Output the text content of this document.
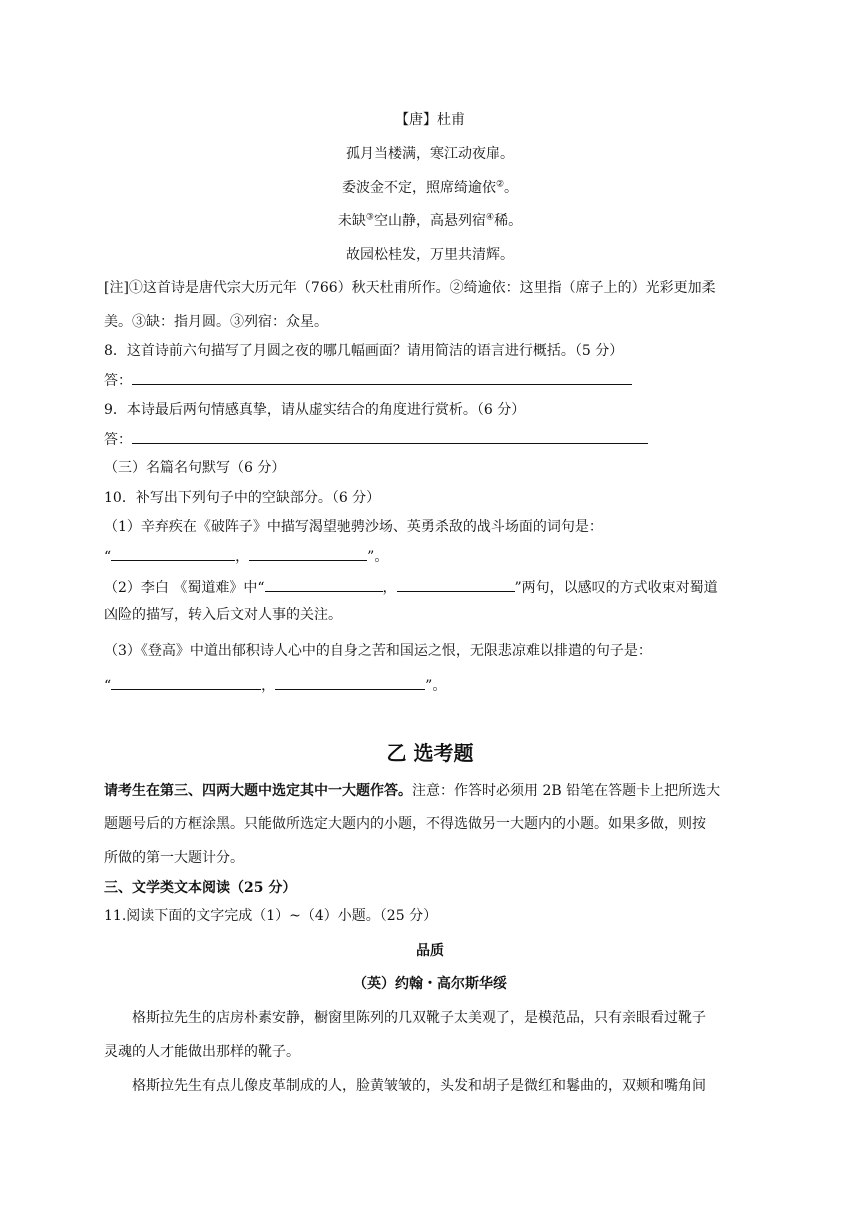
【唐】杜甫
孤月当楼满，寒江动夜扉。
委波金不定，照席绮逾依②。
未缺③空山静，高悬列宿④稀。
故园松桂发，万里共清辉。
[注]①这首诗是唐代宗大历元年（766）秋天杜甫所作。②绮逾依：这里指（席子上的）光彩更加柔
美。③缺：指月圆。③列宿：众星。
8．这首诗前六句描写了月圆之夜的哪几幅画面？请用简洁的语言进行概括。（5 分）
答：
9．本诗最后两句情感真挚，请从虚实结合的角度进行赏析。（6 分）
答：
（三）名篇名句默写（6 分）
10．补写出下列句子中的空缺部分。（6 分）
（1）辛弃疾在《破阵子》中描写渴望驰骋沙场、英勇杀敌的战斗场面的词句是：
“	，	”。
（2）李白 《蜀道难》中“	，	”两句，以感叹的方式收束对蜀道
凶险的描写，转入后文对人事的关注。
（3）《登高》中道出郁积诗人心中的自身之苦和国运之恨，无限悲凉难以排遣的句子是：
“	，	”。
乙 选考题
请考生在第三、四两大题中选定其中一大题作答。注意：作答时必须用 2B 铅笔在答题卡上把所选大
题题号后的方框涂黑。只能做所选定大题内的小题，不得选做另一大题内的小题。如果多做，则按
所做的第一大题计分。
三、文学类文本阅读（25 分）
11.阅读下面的文字完成（1）~（4）小题。（25 分）
品质
（英）约翰・高尔斯华绥
格斯拉先生的店房朴素安静，橱窗里陈列的几双靴子太美观了，是模范品，只有亲眼看过靴子
灵魂的人才能做出那样的靴子。
格斯拉先生有点儿像皮革制成的人，脸黄皱皱的，头发和胡子是微红和鬈曲的，双颊和嘴角间
